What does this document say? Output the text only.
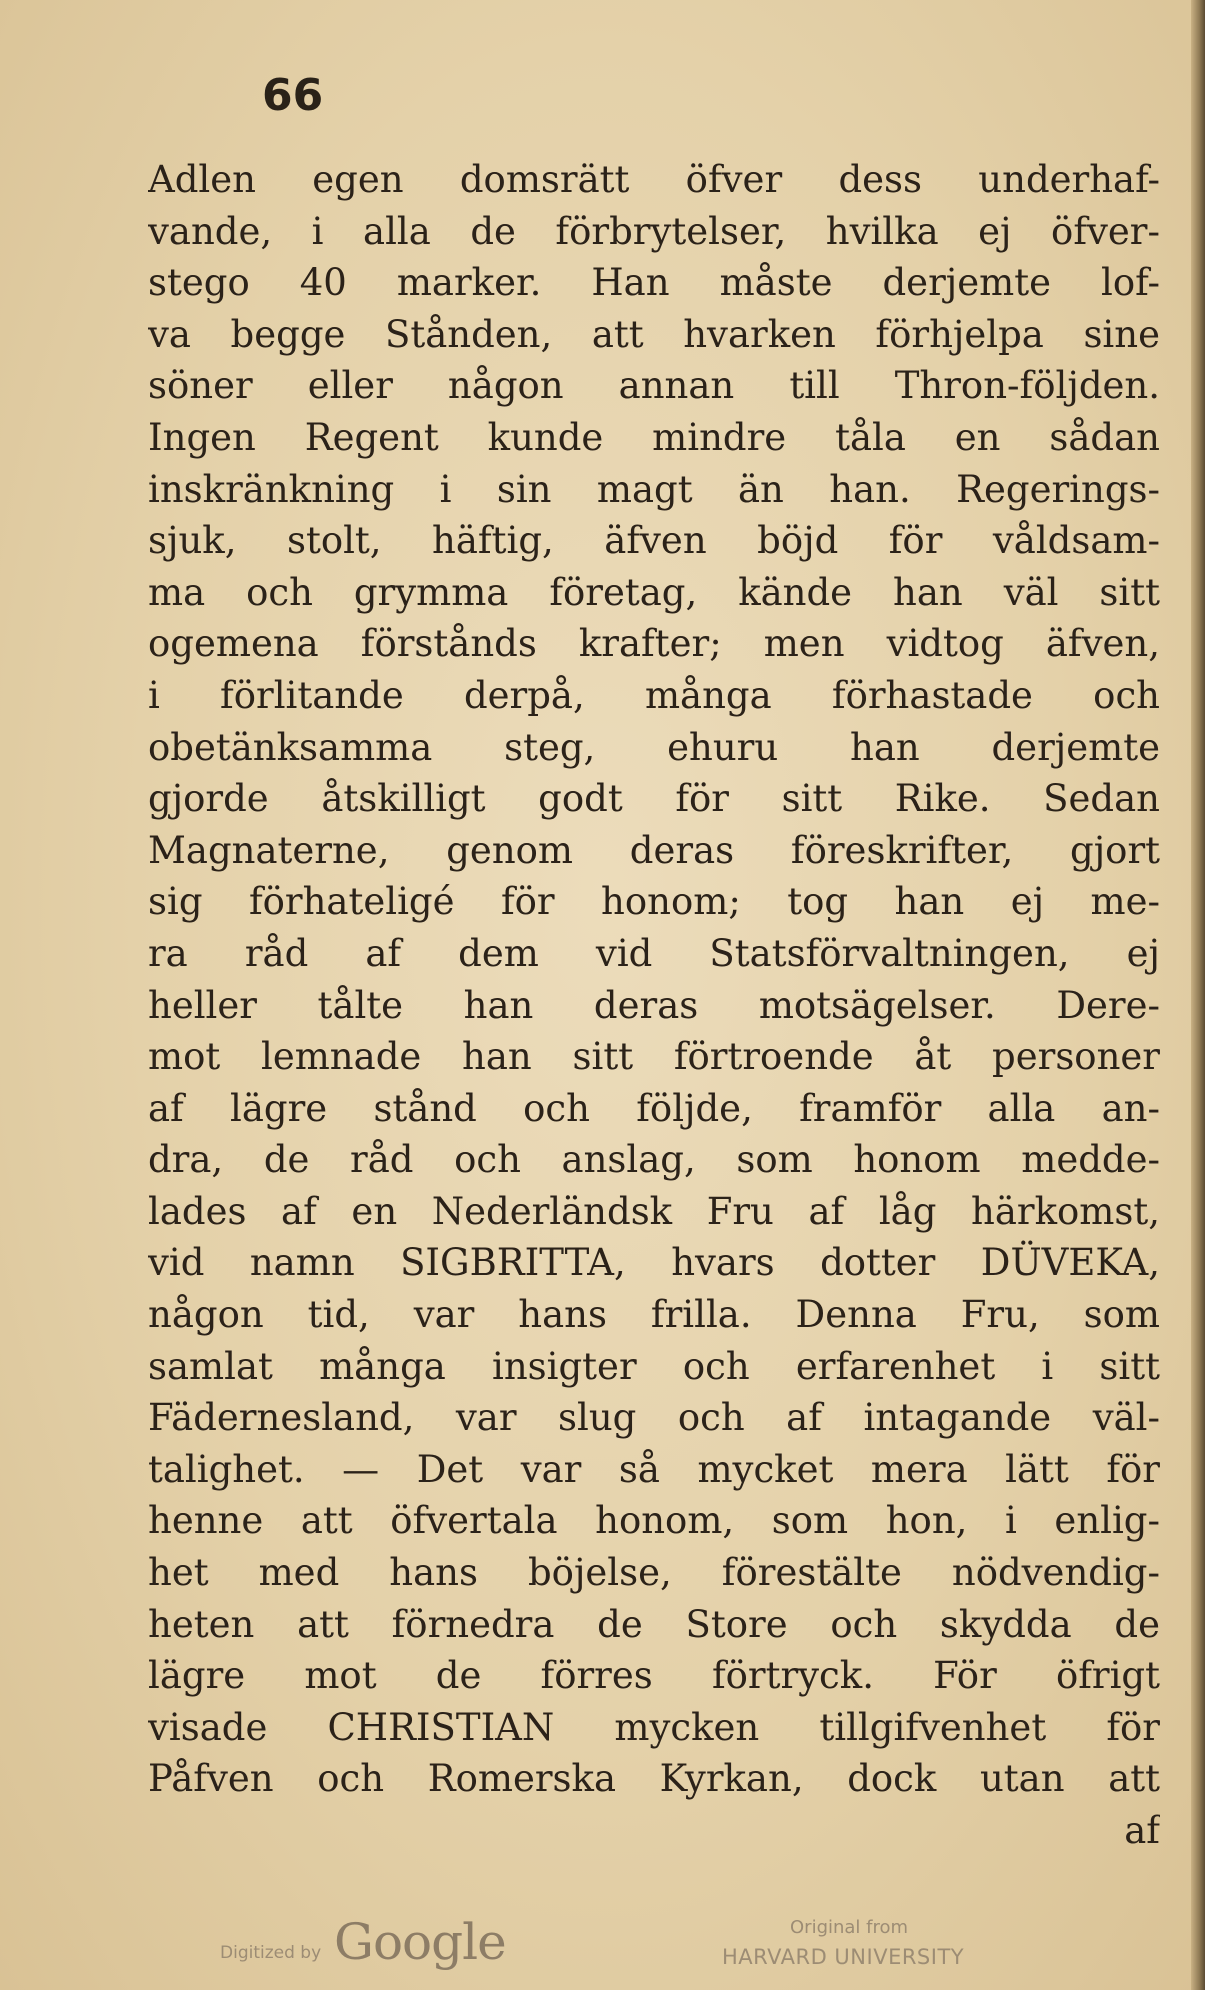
66
Adlen egen domsrätt öfver dess underhaf-
vande, i alla de förbrytelser, hvilka ej öfver-
stego 40 marker. Han måste derjemte lof-
va begge Stånden, att hvarken förhjelpa sine
söner eller någon annan till Thron-följden.
Ingen Regent kunde mindre tåla en sådan
inskränkning i sin magt än han. Regerings-
sjuk, stolt, häftig, äfven böjd för våldsam-
ma och grymma företag, kände han väl sitt
ogemena förstånds krafter; men vidtog äfven,
i förlitande derpå, många förhastade och
obetänksamma steg, ehuru han derjemte
gjorde åtskilligt godt för sitt Rike. Sedan
Magnaterne, genom deras föreskrifter, gjort
sig förhateligé för honom; tog han ej me-
ra råd af dem vid Statsförvaltningen, ej
heller tålte han deras motsägelser. Dere-
mot lemnade han sitt förtroende åt personer
af lägre stånd och följde, framför alla an-
dra, de råd och anslag, som honom medde-
lades af en Nederländsk Fru af låg härkomst,
vid namn SIGBRITTA, hvars dotter DÜVEKA,
någon tid, var hans frilla. Denna Fru, som
samlat många insigter och erfarenhet i sitt
Fädernesland, var slug och af intagande väl-
talighet. — Det var så mycket mera lätt för
henne att öfvertala honom, som hon, i enlig-
het med hans böjelse, förestälte nödvendig-
heten att förnedra de Store och skydda de
lägre mot de förres förtryck. För öfrigt
visade CHRISTIAN mycken tillgifvenhet för
Påfven och Romerska Kyrkan, dock utan att
af
Digitized by Google	Original from
HARVARD UNIVERSITY
